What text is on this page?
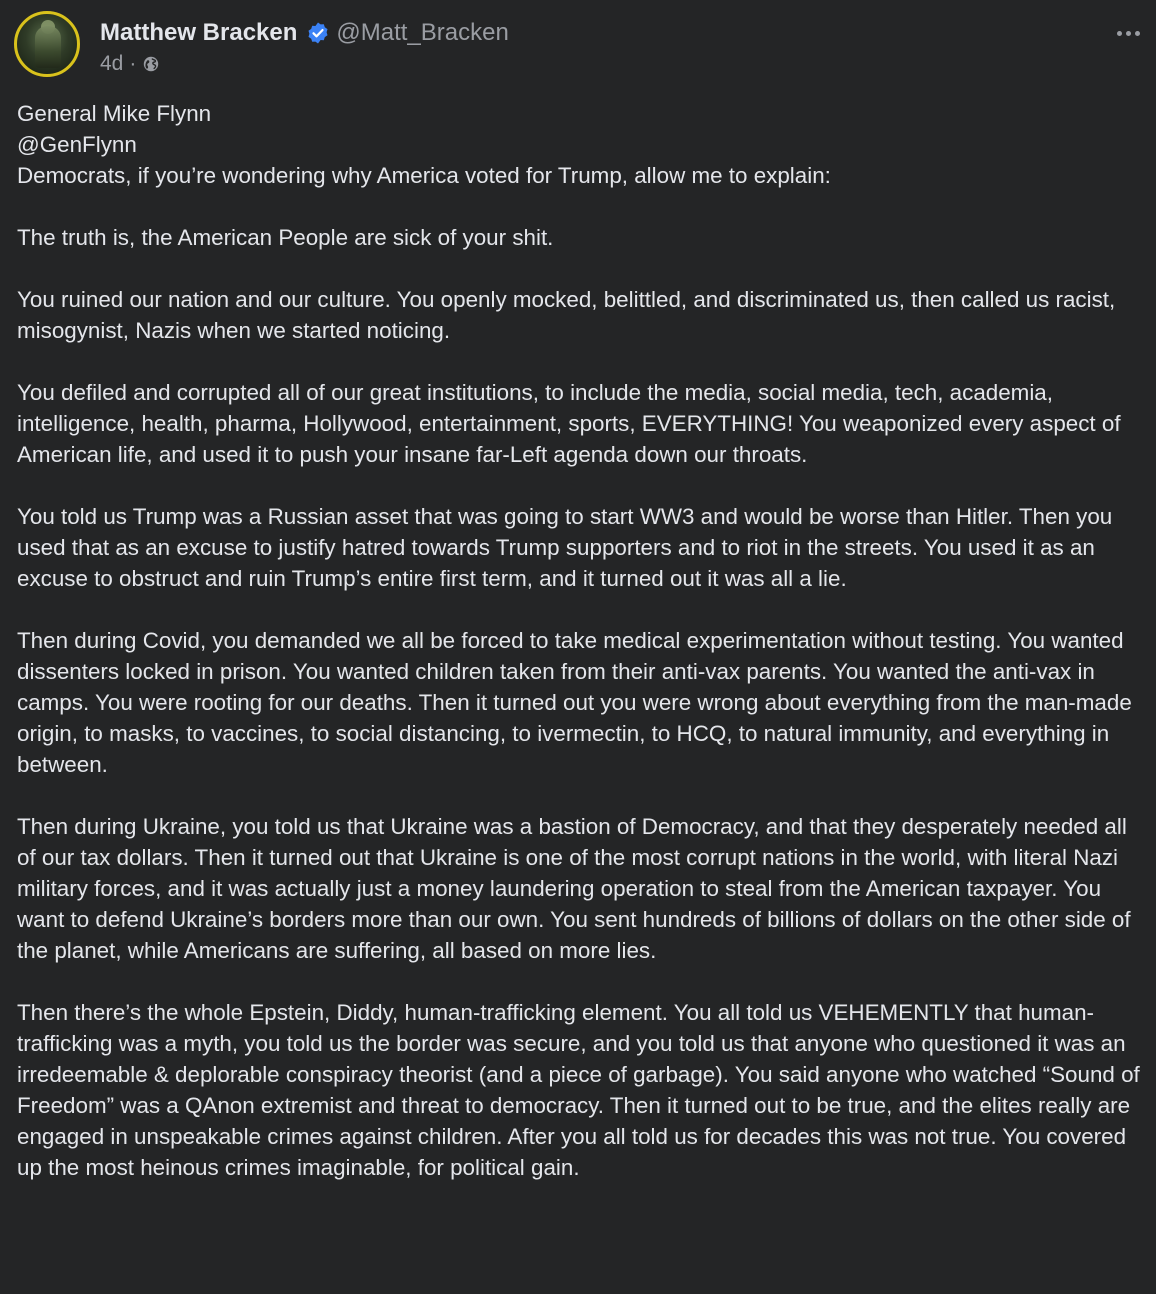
Matthew Bracken @Matt_Bracken
4d ·

General Mike Flynn

@GenFlynn

Democrats, if you’re wondering why America voted for Trump, allow me to explain:

The truth is, the American People are sick of your shit.

You ruined our nation and our culture. You openly mocked, belittled, and discriminated us, then called us racist, misogynist, Nazis when we started noticing.

You defiled and corrupted all of our great institutions, to include the media, social media, tech, academia, intelligence, health, pharma, Hollywood, entertainment, sports, EVERYTHING! You weaponized every aspect of American life, and used it to push your insane far-Left agenda down our throats.

You told us Trump was a Russian asset that was going to start WW3 and would be worse than Hitler. Then you used that as an excuse to justify hatred towards Trump supporters and to riot in the streets. You used it as an excuse to obstruct and ruin Trump’s entire first term, and it turned out it was all a lie.

Then during Covid, you demanded we all be forced to take medical experimentation without testing. You wanted dissenters locked in prison. You wanted children taken from their anti-vax parents. You wanted the anti-vax in camps. You were rooting for our deaths. Then it turned out you were wrong about everything from the man-made origin, to masks, to vaccines, to social distancing, to ivermectin, to HCQ, to natural immunity, and everything in between.

Then during Ukraine, you told us that Ukraine was a bastion of Democracy, and that they desperately needed all of our tax dollars. Then it turned out that Ukraine is one of the most corrupt nations in the world, with literal Nazi military forces, and it was actually just a money laundering operation to steal from the American taxpayer. You want to defend Ukraine’s borders more than our own. You sent hundreds of billions of dollars on the other side of the planet, while Americans are suffering, all based on more lies.

Then there’s the whole Epstein, Diddy, human-trafficking element. You all told us VEHEMENTLY that human-trafficking was a myth, you told us the border was secure, and you told us that anyone who questioned it was an irredeemable & deplorable conspiracy theorist (and a piece of garbage). You said anyone who watched “Sound of Freedom” was a QAnon extremist and threat to democracy. Then it turned out to be true, and the elites really are engaged in unspeakable crimes against children. After you all told us for decades this was not true. You covered up the most heinous crimes imaginable, for political gain.
